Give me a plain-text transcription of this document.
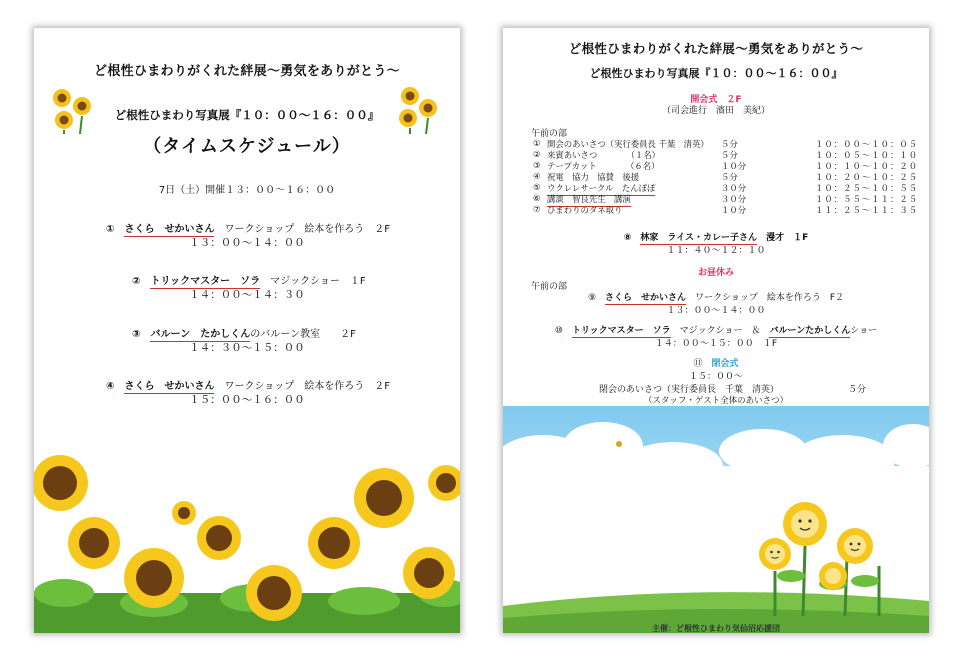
ど根性ひまわりがくれた絆展〜勇気をありがとう〜
ど根性ひまわり写真展『１０：００〜１６：００』
（タイムスケジュール）
7日（土）開催１３：００〜１６：００
①　 さくら　せかいさん　 ワークショップ　絵本を作ろう　２F
１３：００〜１４：００
②　 トリックマスター　ソラ　 マジックショー　１F
１４：００〜１４：３０
③　 バルーン　たかしくんのバルーン教室　　２F
１４：３０〜１５：００
④　 さくら　せかいさん　 ワークショップ　絵本を作ろう　２F
１５：００〜１６：００
ど根性ひまわりがくれた絆展〜勇気をありがとう〜
ど根性ひまわり写真展『１０：００〜１６：００』
開会式　２F
（司会進行　濱田　美紀）
午前の部
① 開会のあいさつ（実行委員長 千葉　清英） ５分	１０：００〜１０：０５
② 来賓あいさつ　　　　（１名）	５分	１０：０５〜１０：１０
③ テープカット　　　　（６名）	１０分	１０：１０〜１０：２０
④ 祝電　協力　協賛　後援	５分	１０：２０〜１０：２５
⑤ ウクレレサークル　たんぽぽ	３０分	１０：２５〜１０：５５
⑥ 講談　智良先生　講演	３０分	１０：５５〜１１：２５
⑦ ひまわりのタネ取り	１０分	１１：２５〜１１：３５
⑧　 林家　ライス・カレー子さん　 漫才　１F
１１：４０〜１２：１０
お昼休み
午前の部
⑨　 さくら　せかいさん　 ワークショップ　絵本を作ろう　F２
１３：００〜１４：００
⑩　 トリックマスター　ソラ　 マジックショー　＆　 バルーンたかしくんショー
１４：００〜１５：００　１F
⑪　 閉会式
１５：００〜
閉会のあいさつ（実行委員長　千葉　清英）	５分
（スタッフ・ゲスト全体のあいさつ）
主催：ど根性ひまわり気仙沼応援団
